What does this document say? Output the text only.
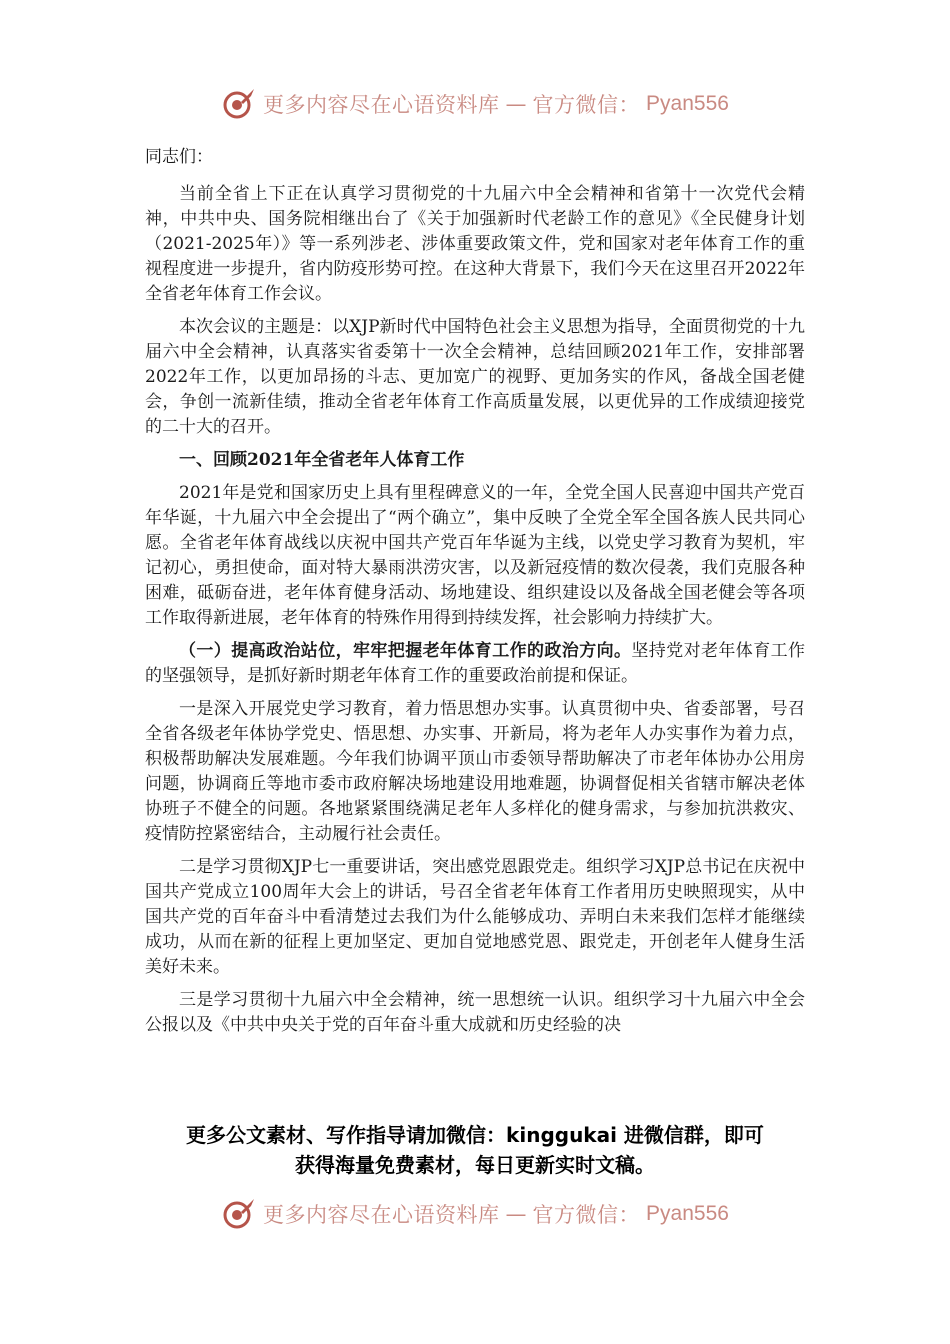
更多内容尽在心语资料库 — 官方微信： Pyan556

同志们：

当前全省上下正在认真学习贯彻党的十九届六中全会精神和省第十一次党代会精神，中共中央、国务院相继出台了《关于加强新时代老龄工作的意见》《全民健身计划（2021-2025年）》等一系列涉老、涉体重要政策文件，党和国家对老年体育工作的重视程度进一步提升，省内防疫形势可控。在这种大背景下，我们今天在这里召开2022年全省老年体育工作会议。

本次会议的主题是：以XJP新时代中国特色社会主义思想为指导，全面贯彻党的十九届六中全会精神，认真落实省委第十一次全会精神，总结回顾2021年工作，安排部署2022年工作，以更加昂扬的斗志、更加宽广的视野、更加务实的作风，备战全国老健会，争创一流新佳绩，推动全省老年体育工作高质量发展，以更优异的工作成绩迎接党的二十大的召开。

一、回顾2021年全省老年人体育工作

2021年是党和国家历史上具有里程碑意义的一年，全党全国人民喜迎中国共产党百年华诞，十九届六中全会提出了“两个确立”，集中反映了全党全军全国各族人民共同心愿。全省老年体育战线以庆祝中国共产党百年华诞为主线，以党史学习教育为契机，牢记初心，勇担使命，面对特大暴雨洪涝灾害，以及新冠疫情的数次侵袭，我们克服各种困难，砥砺奋进，老年体育健身活动、场地建设、组织建设以及备战全国老健会等各项工作取得新进展，老年体育的特殊作用得到持续发挥，社会影响力持续扩大。

（一）提高政治站位，牢牢把握老年体育工作的政治方向。坚持党对老年体育工作的坚强领导，是抓好新时期老年体育工作的重要政治前提和保证。

一是深入开展党史学习教育，着力悟思想办实事。认真贯彻中央、省委部署，号召全省各级老年体协学党史、悟思想、办实事、开新局，将为老年人办实事作为着力点，积极帮助解决发展难题。今年我们协调平顶山市委领导帮助解决了市老年体协办公用房问题，协调商丘等地市委市政府解决场地建设用地难题，协调督促相关省辖市解决老体协班子不健全的问题。各地紧紧围绕满足老年人多样化的健身需求，与参加抗洪救灾、疫情防控紧密结合，主动履行社会责任。

二是学习贯彻XJP七一重要讲话，突出感党恩跟党走。组织学习XJP总书记在庆祝中国共产党成立100周年大会上的讲话，号召全省老年体育工作者用历史映照现实，从中国共产党的百年奋斗中看清楚过去我们为什么能够成功、弄明白未来我们怎样才能继续成功，从而在新的征程上更加坚定、更加自觉地感党恩、跟党走，开创老年人健身生活美好未来。

三是学习贯彻十九届六中全会精神，统一思想统一认识。组织学习十九届六中全会公报以及《中共中央关于党的百年奋斗重大成就和历史经验的决

更多公文素材、写作指导请加微信：kinggukai 进微信群，即可
获得海量免费素材，每日更新实时文稿。
更多内容尽在心语资料库 — 官方微信： Pyan556
